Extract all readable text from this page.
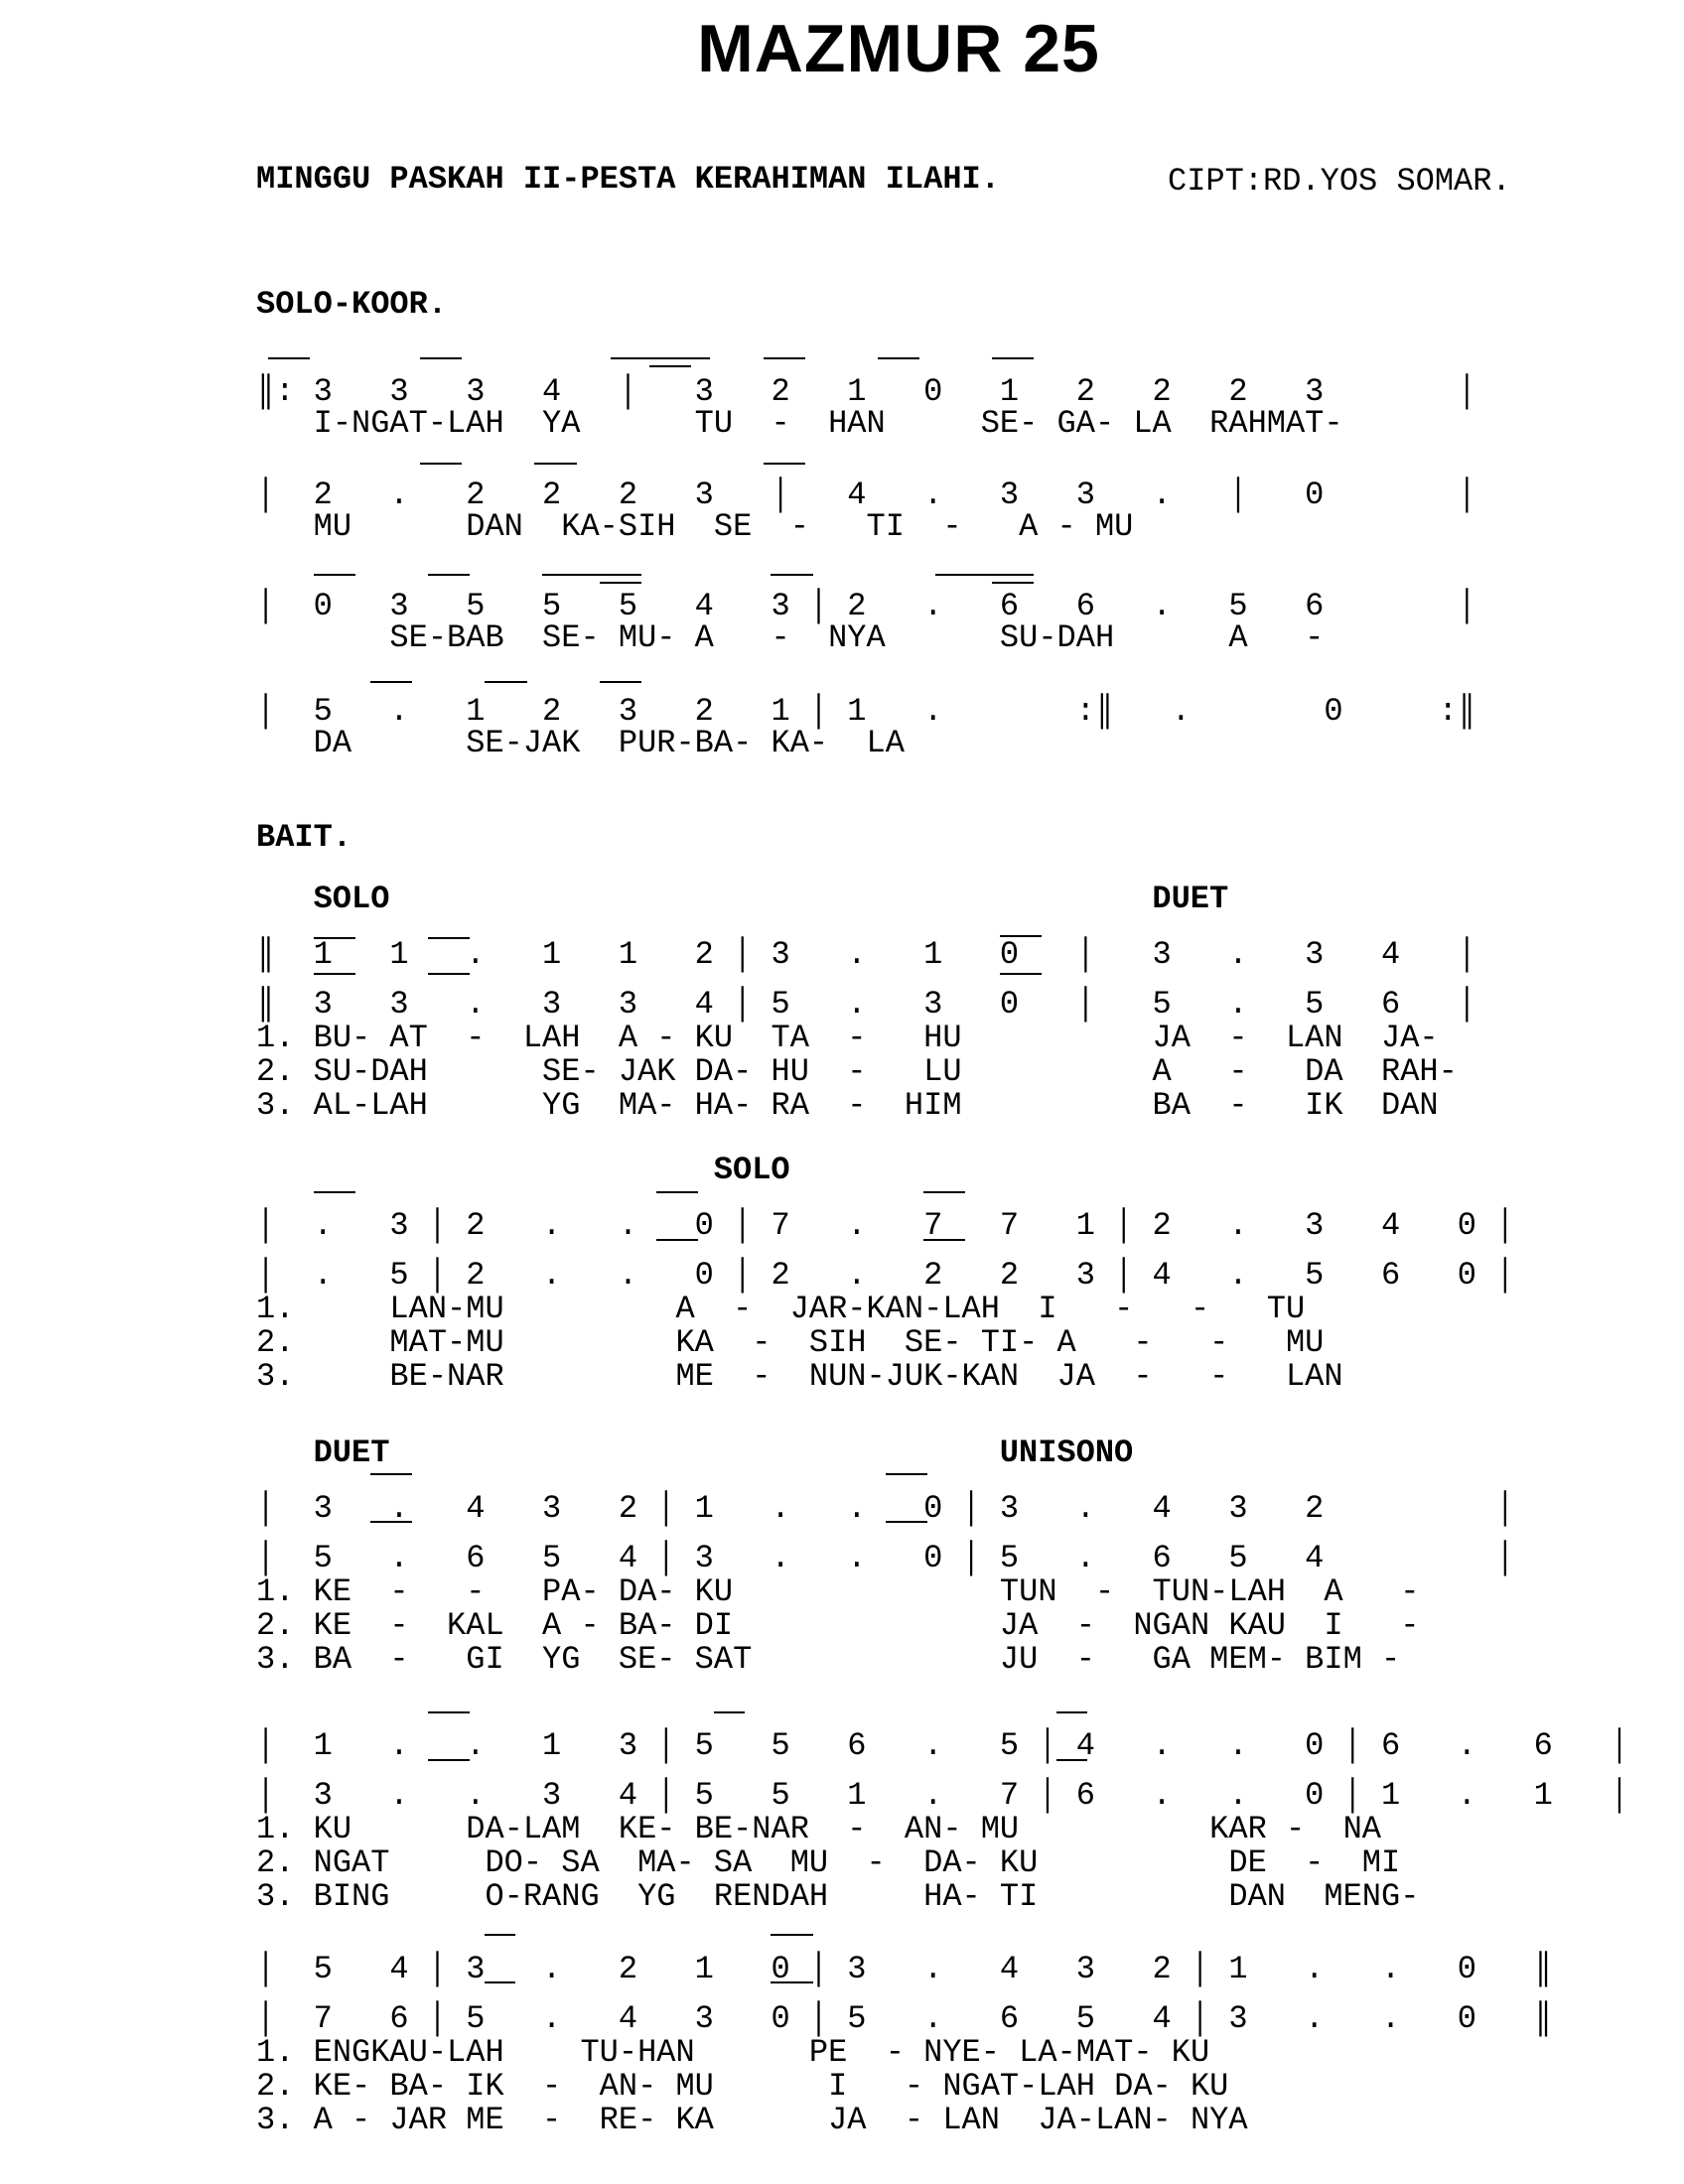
MAZMUR 25
MINGGU PASKAH II-PESTA KERAHIMAN ILAHI.	CIPT:RD.YOS SOMAR.
SOLO-KOOR.
║: 3   3   3   4   │   3   2   1   0   1   2   2   2   3       │
I-NGAT-LAH  YA      TU  -  HAN     SE- GA- LA  RAHMAT-
│  2   .   2   2   2   3   │   4   .   3   3   .   │   0       │
MU      DAN  KA-SIH  SE  -   TI  -   A - MU
│  0   3   5   5   5   4   3 │ 2   .   6   6   .   5   6       │
SE-BAB  SE- MU- A   -  NYA      SU-DAH      A   -
│  5   .   1   2   3   2   1 │ 1   .       :║   .       0     :║
DA      SE-JAK  PUR-BA- KA-  LA
BAIT.
SOLO	DUET
║  1   1   .   1   1   2 │ 3   .   1   0   │   3   .   3   4   │
║  3   3   .   3   3   4 │ 5   .   3   0   │   5   .   5   6   │
1. BU- AT  -  LAH  A - KU  TA  -   HU          JA  -  LAN  JA-
2. SU-DAH      SE- JAK DA- HU  -   LU          A   -   DA  RAH-
3. AL-LAH      YG  MA- HA- RA  -  HIM          BA  -   IK  DAN
SOLO
│  .   3 │ 2   .   .   0 │ 7   .   7   7   1 │ 2   .   3   4   0 │
│  .   5 │ 2   .   .   0 │ 2   .   2   2   3 │ 4   .   5   6   0 │
1.     LAN-MU         A  -  JAR-KAN-LAH  I   -   -   TU
2.     MAT-MU         KA  -  SIH  SE- TI- A   -   -   MU
3.     BE-NAR         ME  -  NUN-JUK-KAN  JA  -   -   LAN
DUET	UNISONO
│  3   .   4   3   2 │ 1   .   .   0 │ 3   .   4   3   2         │
│  5   .   6   5   4 │ 3   .   .   0 │ 5   .   6   5   4         │
1. KE  -   -   PA- DA- KU              TUN  -  TUN-LAH  A   -
2. KE  -  KAL  A - BA- DI              JA  -  NGAN KAU  I   -
3. BA  -   GI  YG  SE- SAT             JU  -   GA MEM- BIM -
│  1   .   .   1   3 │ 5   5   6   .   5 │ 4   .   .   0 │ 6   .   6   │
│  3   .   .   3   4 │ 5   5   1   .   7 │ 6   .   .   0 │ 1   .   1   │
1. KU      DA-LAM  KE- BE-NAR  -  AN- MU          KAR -  NA
2. NGAT     DO- SA  MA- SA  MU  -  DA- KU          DE  -  MI
3. BING     O-RANG  YG  RENDAH     HA- TI          DAN  MENG-
│  5   4 │ 3   .   2   1   0 │ 3   .   4   3   2 │ 1   .   .   0   ║
│  7   6 │ 5   .   4   3   0 │ 5   .   6   5   4 │ 3   .   .   0   ║
1. ENGKAU-LAH    TU-HAN      PE  - NYE- LA-MAT- KU
2. KE- BA- IK  -  AN- MU      I   - NGAT-LAH DA- KU
3. A - JAR ME  -  RE- KA      JA  - LAN  JA-LAN- NYA
